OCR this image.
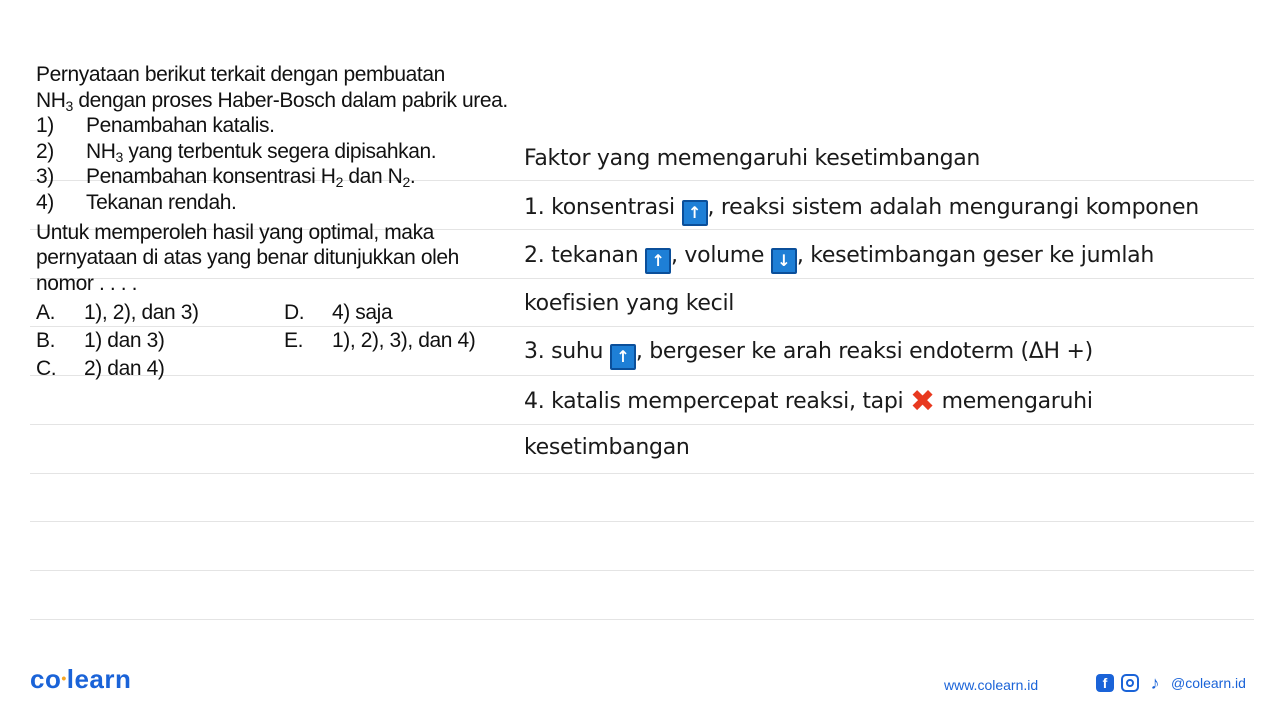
Pernyataan berikut terkait dengan pembuatan
$NH_3$ dengan proses Haber-Bosch dalam pabrik urea.

1)	Penambahan katalis.
2)	$NH_3$ yang terbentuk segera dipisahkan.
3)	Penambahan konsentrasi $H_2$ dan $N_2$.
4)	Tekanan rendah.

Untuk memperoleh hasil yang optimal, maka pernyataan di atas yang benar ditunjukkan oleh nomor . . . .

A.	1), 2), dan 3)	D.	4) saja
B.	1) dan 3)	E.	1), 2), 3), dan 4)
C.	2) dan 4)
Faktor yang memengaruhi kesetimbangan
1. konsentrasi ↑ , reaksi sistem adalah mengurangi komponen
2. tekanan ↑ , volume ↓ , kesetimbangan geser ke jumlah
koefisien yang kecil
3. suhu ↑ , bergeser ke arah reaksi endoterm (ΔH +)
4. katalis mempercepat reaksi, tapi ✖ memengaruhi
kesetimbangan
co•learn	www.colearn.id	f	♪ @colearn.id
